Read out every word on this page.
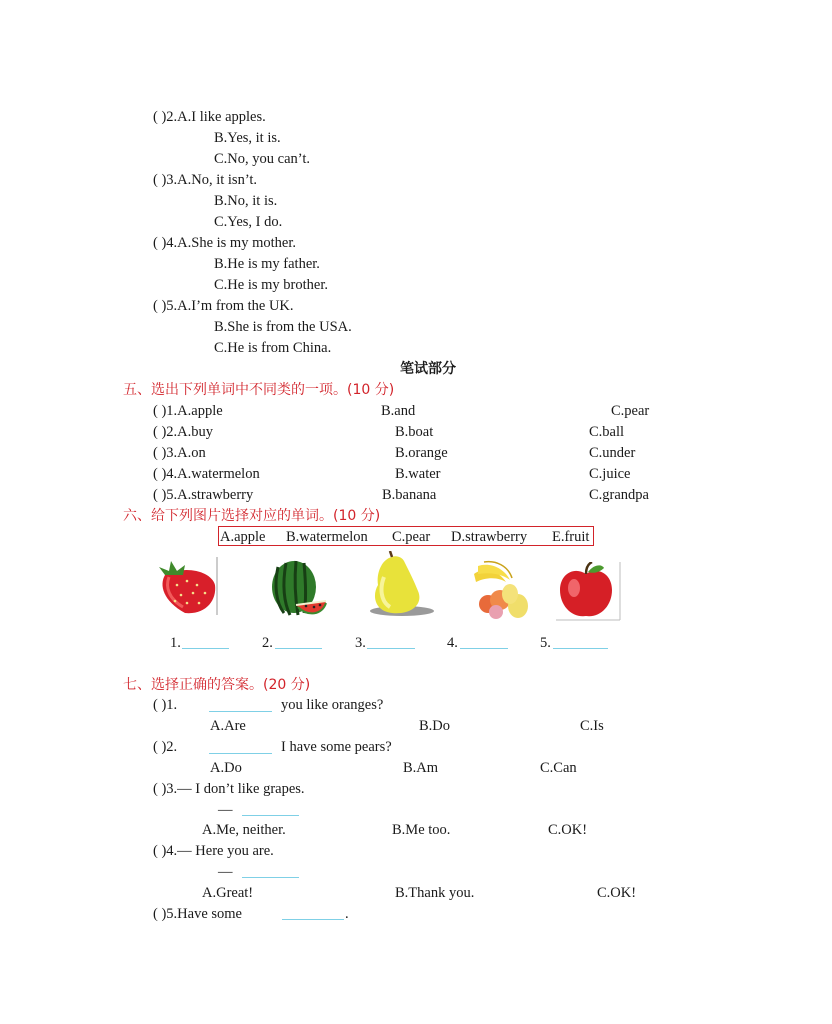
( )2.A.I like apples.
B.Yes, it is.
C.No, you can’t.
( )3.A.No, it isn’t.
B.No, it is.
C.Yes, I do.
( )4.A.She is my mother.
B.He is my father.
C.He is my brother.
( )5.A.I’m from the UK.
B.She is from the USA.
C.He is from China.
笔试部分
五、选出下列单词中不同类的一项。(10 分)
( )1.A.apple	B.and	C.pear
( )2.A.buy	B.boat	C.ball
( )3.A.on	B.orange	C.under
( )4.A.watermelon	B.water	C.juice
( )5.A.strawberry	B.banana	C.grandpa
六、给下列图片选择对应的单词。(10 分)
A.apple B.watermelon C.pear D.strawberry E.fruit
1.	2.	3.	4.	5.
七、选择正确的答案。(20 分)
( )1.	you like oranges?
A.Are	B.Do	C.Is
( )2.	I have some pears?
A.Do	B.Am	C.Can
( )3.— I don’t like grapes.
—
A.Me, neither.	B.Me too.	C.OK!
( )4.— Here you are.
—
A.Great!	B.Thank you.	C.OK!
( )5.Have some	.
